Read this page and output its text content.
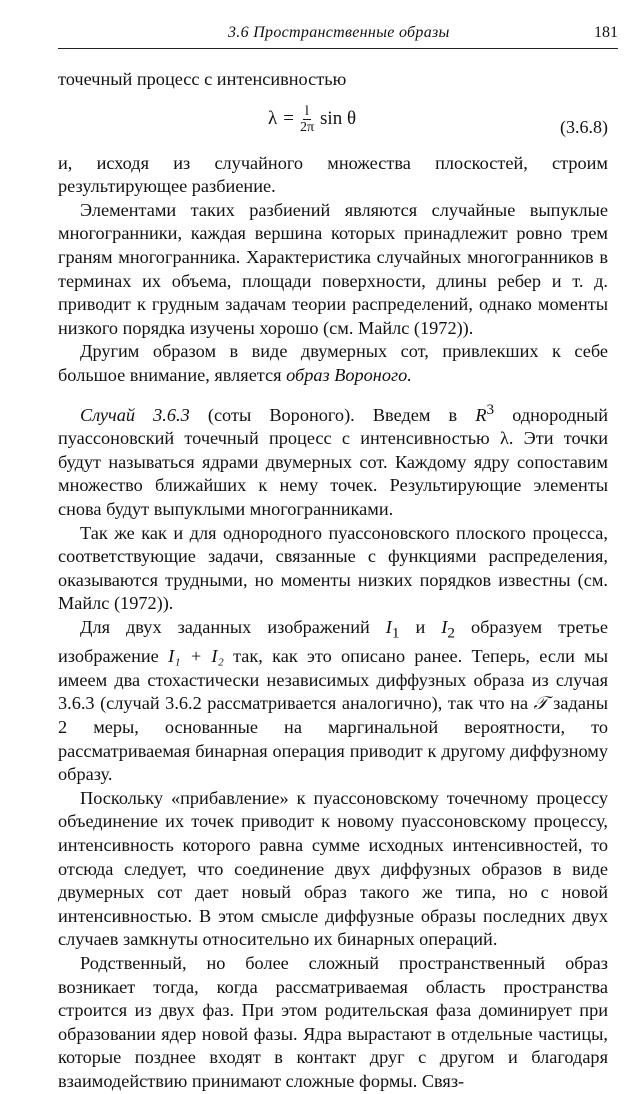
3.6 Пространственные образы	181

точечный процесс с интенсивностью

$\lambda = \frac{l}{2\pi}$ sin θ	(3.6.8)

и, исходя из случайного множества плоскостей, строим результирующее разбиение.

Элементами таких разбиений являются случайные выпуклые многогранники, каждая вершина которых принадлежит ровно трем граням многогранника. Характеристика случайных многогранников в терминах их объема, площади поверхности, длины ребер и т. д. приводит к грудным задачам теории распределений, однако моменты низкого порядка изучены хорошо (см. Майлс (1972)).

Другим образом в виде двумерных сот, привлекших к себе большое внимание, является образ Вороного.

Случай 3.6.3 (соты Вороного). Введем в $R^3$ однородный пуассоновский точечный процесс с интенсивностью λ. Эти точки будут называться ядрами двумерных сот. Каждому ядру сопоставим множество ближайших к нему точек. Результирующие элементы снова будут выпуклыми многогранниками.

Так же как и для однородного пуассоновского плоского процесса, соответствующие задачи, связанные с функциями распределения, оказываются трудными, но моменты низких порядков известны (см. Майлс (1972)).

Для двух заданных изображений $I_1$ и $I_2$ образуем третье изображение I₁ + I₂ так, как это описано ранее. Теперь, если мы имеем два стохастически независимых диффузных образа из случая 3.6.3 (случай 3.6.2 рассматривается аналогично), так что на 𝒯 заданы 2 меры, основанные на маргинальной вероятности, то рассматриваемая бинарная операция приводит к другому диффузному образу.

Поскольку «прибавление» к пуассоновскому точечному процессу объединение их точек приводит к новому пуассоновскому процессу, интенсивность которого равна сумме исходных интенсивностей, то отсюда следует, что соединение двух диффузных образов в виде двумерных сот дает новый образ такого же типа, но с новой интенсивностью. В этом смысле диффузные образы последних двух случаев замкнуты относительно их бинарных операций.

Родственный, но более сложный пространственный образ возникает тогда, когда рассматриваемая область пространства строится из двух фаз. При этом родительская фаза доминирует при образовании ядер новой фазы. Ядра вырастают в отдельные частицы, которые позднее входят в контакт друг с другом и благодаря взаимодействию принимают сложные формы. Связ-
